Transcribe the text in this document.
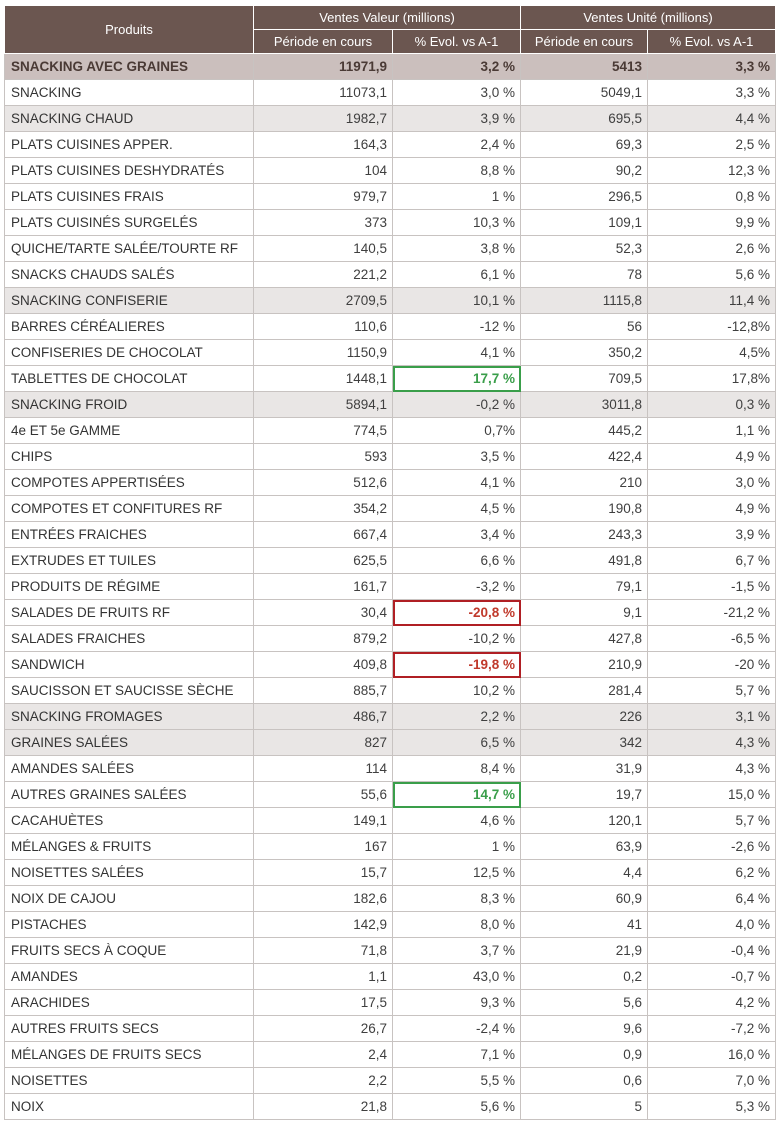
Produits	Ventes Valeur (millions)		Ventes Unité (millions)	
	Période en cours	% Evol. vs A-1	Période en cours	% Evol. vs A-1
SNACKING AVEC GRAINES	11971,9	3,2 %	5413	3,3 %
SNACKING	11073,1	3,0 %	5049,1	3,3 %
SNACKING CHAUD	1982,7	3,9 %	695,5	4,4 %
PLATS CUISINES APPER.	164,3	2,4 %	69,3	2,5 %
PLATS CUISINES DESHYDRATÉS	104	8,8 %	90,2	12,3 %
PLATS CUISINES FRAIS	979,7	1 %	296,5	0,8 %
PLATS CUISINÉS SURGELÉS	373	10,3 %	109,1	9,9 %
QUICHE/TARTE SALÉE/TOURTE RF	140,5	3,8 %	52,3	2,6 %
SNACKS CHAUDS SALÉS	221,2	6,1 %	78	5,6 %
SNACKING CONFISERIE	2709,5	10,1 %	1115,8	11,4 %
BARRES CÉRÉALIERES	110,6	-12 %	56	-12,8%
CONFISERIES DE CHOCOLAT	1150,9	4,1 %	350,2	4,5%
TABLETTES DE CHOCOLAT	1448,1	17,7 %	709,5	17,8%
SNACKING FROID	5894,1	-0,2 %	3011,8	0,3 %
4e ET 5e GAMME	774,5	0,7%	445,2	1,1 %
CHIPS	593	3,5 %	422,4	4,9 %
COMPOTES APPERTISÉES	512,6	4,1 %	210	3,0 %
COMPOTES ET CONFITURES RF	354,2	4,5 %	190,8	4,9 %
ENTRÉES FRAICHES	667,4	3,4 %	243,3	3,9 %
EXTRUDES ET TUILES	625,5	6,6 %	491,8	6,7 %
PRODUITS DE RÉGIME	161,7	-3,2 %	79,1	-1,5 %
SALADES DE FRUITS RF	30,4	-20,8 %	9,1	-21,2 %
SALADES FRAICHES	879,2	-10,2 %	427,8	-6,5 %
SANDWICH	409,8	-19,8 %	210,9	-20 %
SAUCISSON ET SAUCISSE SÈCHE	885,7	10,2 %	281,4	5,7 %
SNACKING FROMAGES	486,7	2,2 %	226	3,1 %
GRAINES SALÉES	827	6,5 %	342	4,3 %
AMANDES SALÉES	114	8,4 %	31,9	4,3 %
AUTRES GRAINES SALÉES	55,6	14,7 %	19,7	15,0 %
CACAHUÈTES	149,1	4,6 %	120,1	5,7 %
MÉLANGES & FRUITS	167	1 %	63,9	-2,6 %
NOISETTES SALÉES	15,7	12,5 %	4,4	6,2 %
NOIX DE CAJOU	182,6	8,3 %	60,9	6,4 %
PISTACHES	142,9	8,0 %	41	4,0 %
FRUITS SECS À COQUE	71,8	3,7 %	21,9	-0,4 %
AMANDES	1,1	43,0 %	0,2	-0,7 %
ARACHIDES	17,5	9,3 %	5,6	4,2 %
AUTRES FRUITS SECS	26,7	-2,4 %	9,6	-7,2 %
MÉLANGES DE FRUITS SECS	2,4	7,1 %	0,9	16,0 %
NOISETTES	2,2	5,5 %	0,6	7,0 %
NOIX	21,8	5,6 %	5	5,3 %
